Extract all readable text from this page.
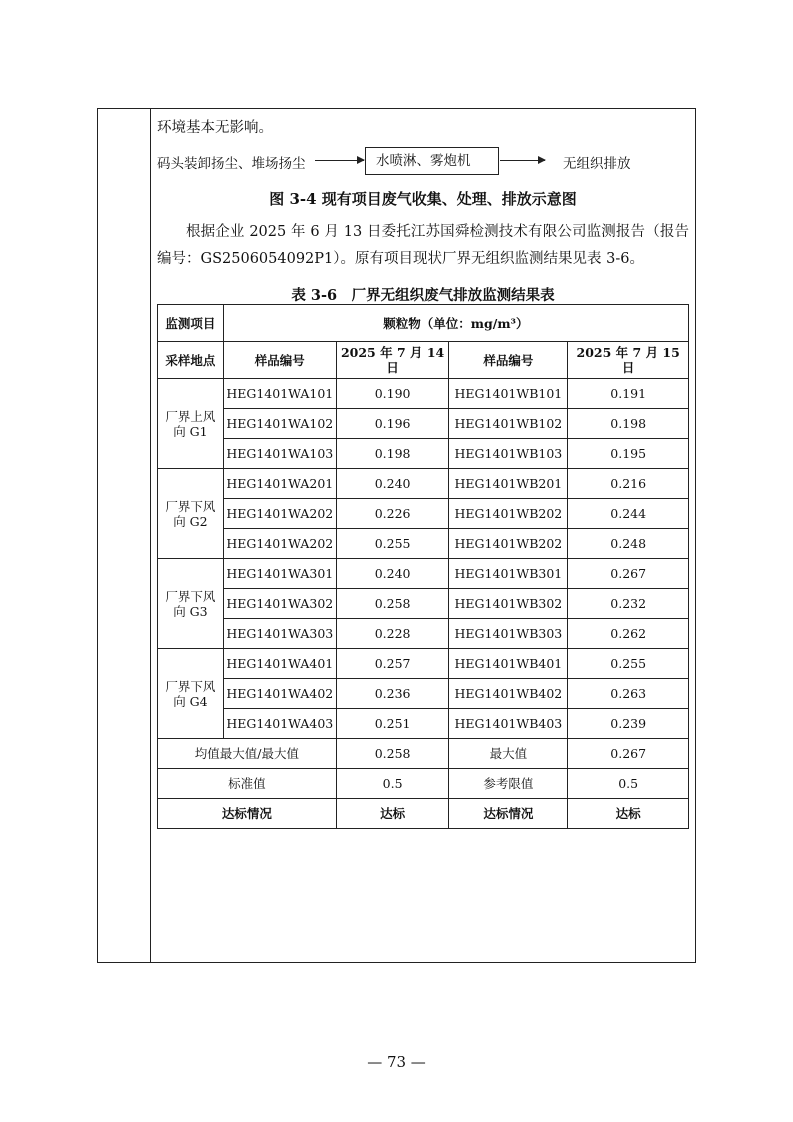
环境基本无影响。
码头装卸扬尘、堆场扬尘	水喷淋、雾炮机	无组织排放
图 3-4 现有项目废气收集、处理、排放示意图

根据企业 2025 年 6 月 13 日委托江苏国舜检测技术有限公司监测报告（报告编号：GS2506054092P1）。原有项目现状厂界无组织监测结果见表 3-6。

表 3-6　厂界无组织废气排放监测结果表
监测项目	颗粒物（单位：mg/m³）			
采样地点	样品编号	2025 年 7 月 14 日	样品编号	2025 年 7 月 15 日
厂界上风向 G1	HEG1401WA101	0.190	HEG1401WB101	0.191
	HEG1401WA102	0.196	HEG1401WB102	0.198
	HEG1401WA103	0.198	HEG1401WB103	0.195
厂界下风向 G2	HEG1401WA201	0.240	HEG1401WB201	0.216
	HEG1401WA202	0.226	HEG1401WB202	0.244
	HEG1401WA202	0.255	HEG1401WB202	0.248
厂界下风向 G3	HEG1401WA301	0.240	HEG1401WB301	0.267
	HEG1401WA302	0.258	HEG1401WB302	0.232
	HEG1401WA303	0.228	HEG1401WB303	0.262
厂界下风向 G4	HEG1401WA401	0.257	HEG1401WB401	0.255
	HEG1401WA402	0.236	HEG1401WB402	0.263
	HEG1401WA403	0.251	HEG1401WB403	0.239
均值最大值/最大值		0.258	最大值	0.267
标准值		0.5	参考限值	0.5
达标情况		达标	达标情况	达标
— 73 —
